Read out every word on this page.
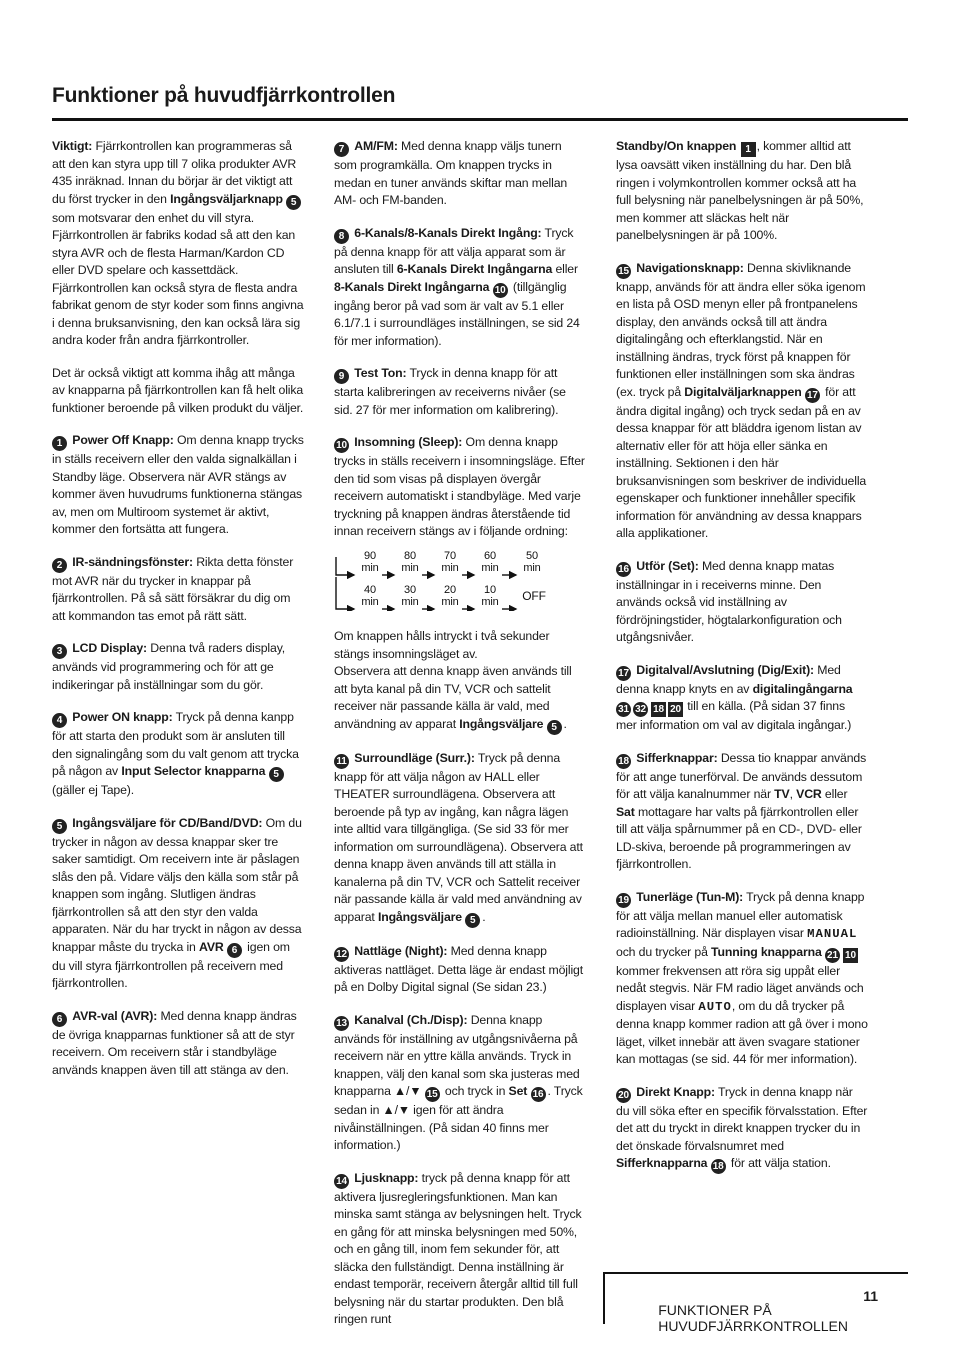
Funktioner på huvudfjärrkontrollen

Viktigt: Fjärrkontrollen kan programmeras så att den kan styra upp till 7 olika produkter AVR 435 inräknad. Innan du börjar är det viktigt att du först trycker in den Ingångsväljarknapp 5 som motsvarar den enhet du vill styra. Fjärrkontrollen är fabriks kodad så att den kan styra AVR och de flesta Harman/Kardon CD eller DVD spelare och kassettdäck. Fjärrkontrollen kan också styra de flesta andra fabrikat genom de styr koder som finns angivna i denna bruksanvisning, den kan också lära sig andra koder från andra fjärrkontroller.

Det är också viktigt att komma ihåg att många av knapparna på fjärrkontrollen kan få helt olika funktioner beroende på vilken produkt du väljer.

1 Power Off Knapp: Om denna knapp trycks in ställs receivern eller den valda signalkällan i Standby läge. Observera när AVR stängs av kommer även huvudrums funktionerna stängas av, men om Multiroom systemet är aktivt, kommer den fortsätta att fungera.

2 IR-sändningsfönster: Rikta detta fönster mot AVR när du trycker in knappar på fjärrkontrollen. På så sätt försäkrar du dig om att kommandon tas emot på rätt sätt.

3 LCD Display: Denna två raders display, används vid programmering och för att ge indikeringar på inställningar som du gör.

4 Power ON knapp: Tryck på denna kanpp för att starta den produkt som är ansluten till den signalingång som du valt genom att trycka på någon av Input Selector knapparna 5 (gäller ej Tape).

5 Ingångsväljare för CD/Band/DVD: Om du trycker in någon av dessa knappar sker tre saker samtidigt. Om receivern inte är påslagen slås den på. Vidare väljs den källa som står på knappen som ingång. Slutligen ändras fjärrkontrollen så att den styr den valda apparaten. När du har tryckt in någon av dessa knappar måste du trycka in AVR 6 igen om du vill styra fjärrkontrollen på receivern med fjärrkontrollen.

6 AVR-val (AVR): Med denna knapp ändras de övriga knapparnas funktioner så att de styr receivern. Om receivern står i standbyläge används knappen även till att stänga av den.

7 AM/FM: Med denna knapp väljs tunern som programkälla. Om knappen trycks in medan en tuner används skiftar man mellan AM- och FM-banden.

8 6-Kanals/8-Kanals Direkt Ingång: Tryck på denna knapp för att välja apparat som är ansluten till 6-Kanals Direkt Ingångarna eller 8-Kanals Direkt Ingångarna 10 (tillgänglig ingång beror på vad som är valt av 5.1 eller 6.1/7.1 i surroundläges inställningen, se sid 24 för mer information).

9 Test Ton: Tryck in denna knapp för att starta kalibreringen av receiverns nivåer (se sid. 27 för mer information om kalibrering).

10 Insomning (Sleep): Om denna knapp trycks in ställs receivern i insomningsläge. Efter den tid som visas på displayen övergår receivern automatiskt i standbyläge. Med varje tryckning på knappen ändras återstående tid innan receivern stängs av i följande ordning:

90
min
80
min
70
min
60
min
50
min
40
min
30
min
20
min
10
min OFF

Om knappen hålls intryckt i två sekunder stängs insomningsläget av.
Observera att denna knapp även används till att byta kanal på din TV, VCR och sattelit receiver när passande källa är vald, med användning av apparat Ingångsväljare 5 .

11 Surroundläge (Surr.): Tryck på denna knapp för att välja någon av HALL eller THEATER surroundlägena. Observera att beroende på typ av ingång, kan några lägen inte alltid vara tillgängliga. (Se sid 33 för mer information om surroundlägena). Observera att denna knapp även används till att ställa in kanalerna på din TV, VCR och Sattelit receiver när passande källa är vald med användning av apparat Ingångsväljare 5 .

12 Nattläge (Night): Med denna knapp aktiveras nattläget. Detta läge är endast möjligt på en Dolby Digital signal (Se sidan 23.)

13 Kanalval (Ch./Disp): Denna knapp används för inställning av utgångsnivåerna på receivern när en yttre källa används. Tryck in knappen, välj den kanal som ska justeras med knapparna ▲/▼ 15 och tryck in Set 16 . Tryck sedan in ▲/▼ igen för att ändra nivåinställningen. (På sidan 40 finns mer information.)

14 Ljusknapp: tryck på denna knapp för att aktivera ljusregleringsfunktionen. Man kan minska samt stänga av belysningen helt. Tryck en gång för att minska belysningen med 50%, och en gång till, inom fem sekunder för, att släcka den fullständigt. Denna inställning är endast temporär, receivern återgår alltid till full belysning när du startar produkten. Den blå ringen runt

Standby/On knappen 1 , kommer alltid att lysa oavsätt viken inställning du har. Den blå ringen i volymkontrollen kommer också att ha full belysning när panelbelysningen är på 50%, men kommer att släckas helt när panelbelysningen är på 100%.

15 Navigationsknapp: Denna skivliknande knapp, används för att ändra eller söka igenom en lista på OSD menyn eller på frontpanelens display, den används också till att ändra digitalingång och efterklangstid. När en inställning ändras, tryck först på knappen för funktionen eller inställningen som ska ändras (ex. tryck på Digitalväljarknappen 17 för att ändra digital ingång) och tryck sedan på en av dessa knappar för att bläddra igenom listan av alternativ eller för att höja eller sänka en inställning. Sektionen i den här bruksanvisningen som beskriver de individuella egenskaper och funktioner innehåller specifik information för användning av dessa knappars alla applikationer.

16 Utför (Set): Med denna knapp matas inställningar in i receiverns minne. Den används också vid inställning av fördröjningstider, högtalarkonfiguration och utgångsnivåer.

17 Digitalval/Avslutning (Dig/Exit): Med denna knapp knyts en av digitalingångarna 31 32 18 20 till en källa. (På sidan 37 finns mer information om val av digitala ingångar.)

18 Sifferknappar: Dessa tio knappar används för att ange tunerförval. De används dessutom för att välja kanalnummer när TV, VCR eller Sat mottagare har valts på fjärrkontrollen eller till att välja spårnummer på en CD-, DVD- eller LD-skiva, beroende på programmeringen av fjärrkontrollen.

19 Tunerläge (Tun-M): Tryck på denna knapp för att välja mellan manuel eller automatisk radioinställning. När displayen visar MANUAL och du trycker på Tunning knapparna 21 10 kommer frekvensen att röra sig uppåt eller nedåt stegvis. När FM radio läget används och displayen visar AUTO, om du då trycker på denna knapp kommer radion att gå över i mono läget, vilket innebär att även svagare stationer kan mottagas (se sid. 44 för mer information).

20 Direkt Knapp: Tryck in denna knapp när du vill söka efter en specifik förvalsstation. Efter det att du tryckt in direkt knappen trycker du in det önskade förvalsnumret med Sifferknapparna 18 för att välja station.

FUNKTIONER PÅ HUVUDFJÄRRKONTROLLEN
11
